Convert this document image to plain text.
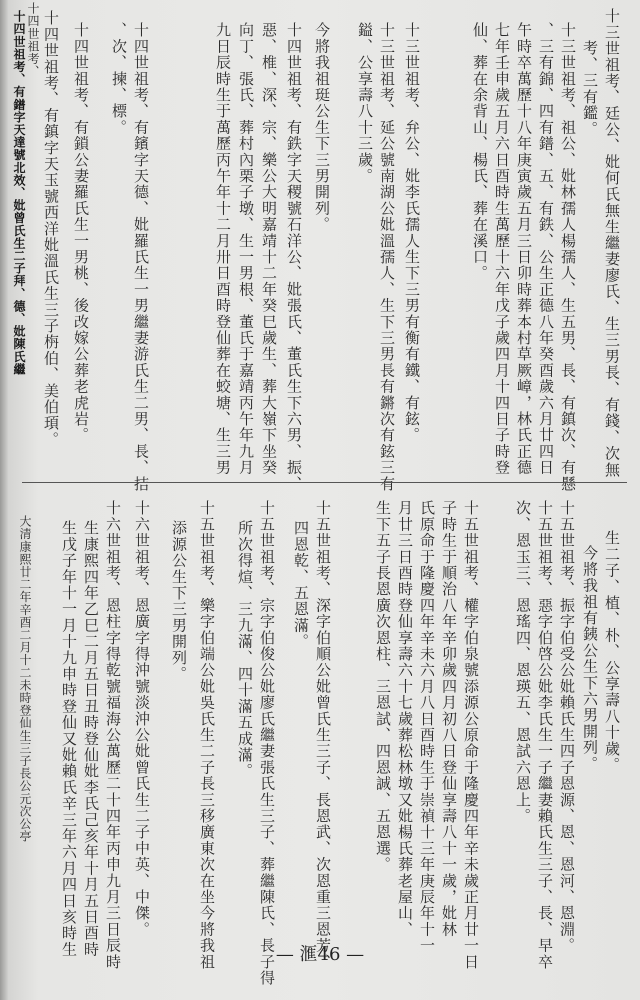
十三世祖考、廷公、妣何氏無生繼妻廖氏、生三男長、有錢、次無
考、三有鑑。
十三世祖考、祖公、妣林孺人楊孺人、生五男、長、有鎮次、有懸
、三有錦、四有鐠、五、有鉄、公生正德八年癸酉歲六月廿四日
午時卒萬歷十八年庚寅歲五月三日卯時葬本村草厥嶂，林氏正德
七年壬申歲五月六日酉時生萬歷十六年戊子歲四月十四日子時登
仙、葬在余背山、楊氏、葬在溪口。
十三世祖考、弁公、妣李氏孺人生下三男有衡有鐵、有鉉。
十三世祖考、延公號南湖公妣溫孺人、生下三男長有鏘次有鉉三有
鎰、公享壽八十三歲。
今將我祖珽公生下三男開列。
十四世祖考、有鉄字天稷號石洋公、妣張氏、董氏生下六男、振、
惡、椎、深、宗、樂公大明嘉靖十二年癸巳歲生、葬大嶺下坐癸
向丁、張氏、葬村內栗子墩、生一男根、董氏于嘉靖丙午年九月
九日辰時生于萬歷丙午年十二月卅日酉時登仙葬在蛟塘、生三男
十四世祖考、有鑌字天德、妣羅氏生一男繼妻游氏生二男、長、拮
、次、揀、標。
十四世祖考、有鎖公妻羅氏生一男桃、後改嫁公葬老虎岩。
十四世祖考、有鎮字天玉號西洋妣溫氏生三子栴伯、美伯頊。
十四世祖考、有鐠字天達號北效、妣曾氏生二子拜、德、妣陳氏繼 十四世祖考、
生二子、植、朴、公享壽八十歲。
今將我祖有銕公生下六男開列。
十五世祖考、振字伯受公妣賴氏生四子恩源、恩、恩河、恩淵。
十五世祖考、惡字伯啓公妣李氏生一子繼妻賴氏生三子、長、早卒
次、恩玉三、恩瑤四、恩瑛五、恩試六恩上。
十五世祖考、權字伯泉號添源公原命于隆慶四年辛未歲正月廿一日
子時生于順治八年辛卯歲四月初八日登仙享壽八十一歲，妣林
氏原命于隆慶四年辛未六月八日酉時生于崇禎十三年庚辰年十一
月廿三日酉時登仙享壽六十七歲葬松林墩又妣楊氏葬老屋山、
生下五子長恩廣次恩柱、三恩試、四恩誠、五恩選。
十五世祖考、深字伯順公妣曾氏生三子、長恩武、次恩重三恩芳、
四恩乾、五恩滿。
十五世祖考、宗字伯俊公妣廖氏繼妻張氏生三子、葬繼陳氏、長子得
所次得煊、三九滿、四十滿五成滿。
十五世祖考、樂字伯端公妣吳氏生二子長三移廣東次在坐今將我祖
添源公生下三男開列。
十六世祖考、恩廣字得沖號淡沖公妣曾氏生二子中英、中傑。
十六世祖考、恩柱字得乾號福海公萬歷二十四年丙申九月三日辰時
生康熙四年乙巳二月五日丑時登仙妣李氏己亥年十月五日酉時
生戊子年十一月十九申時登仙又妣賴氏辛三年六月四日亥時生
大清康熙廿二年辛酉二月十二未時登仙生三子長公元次公亭
— 滙46 —
